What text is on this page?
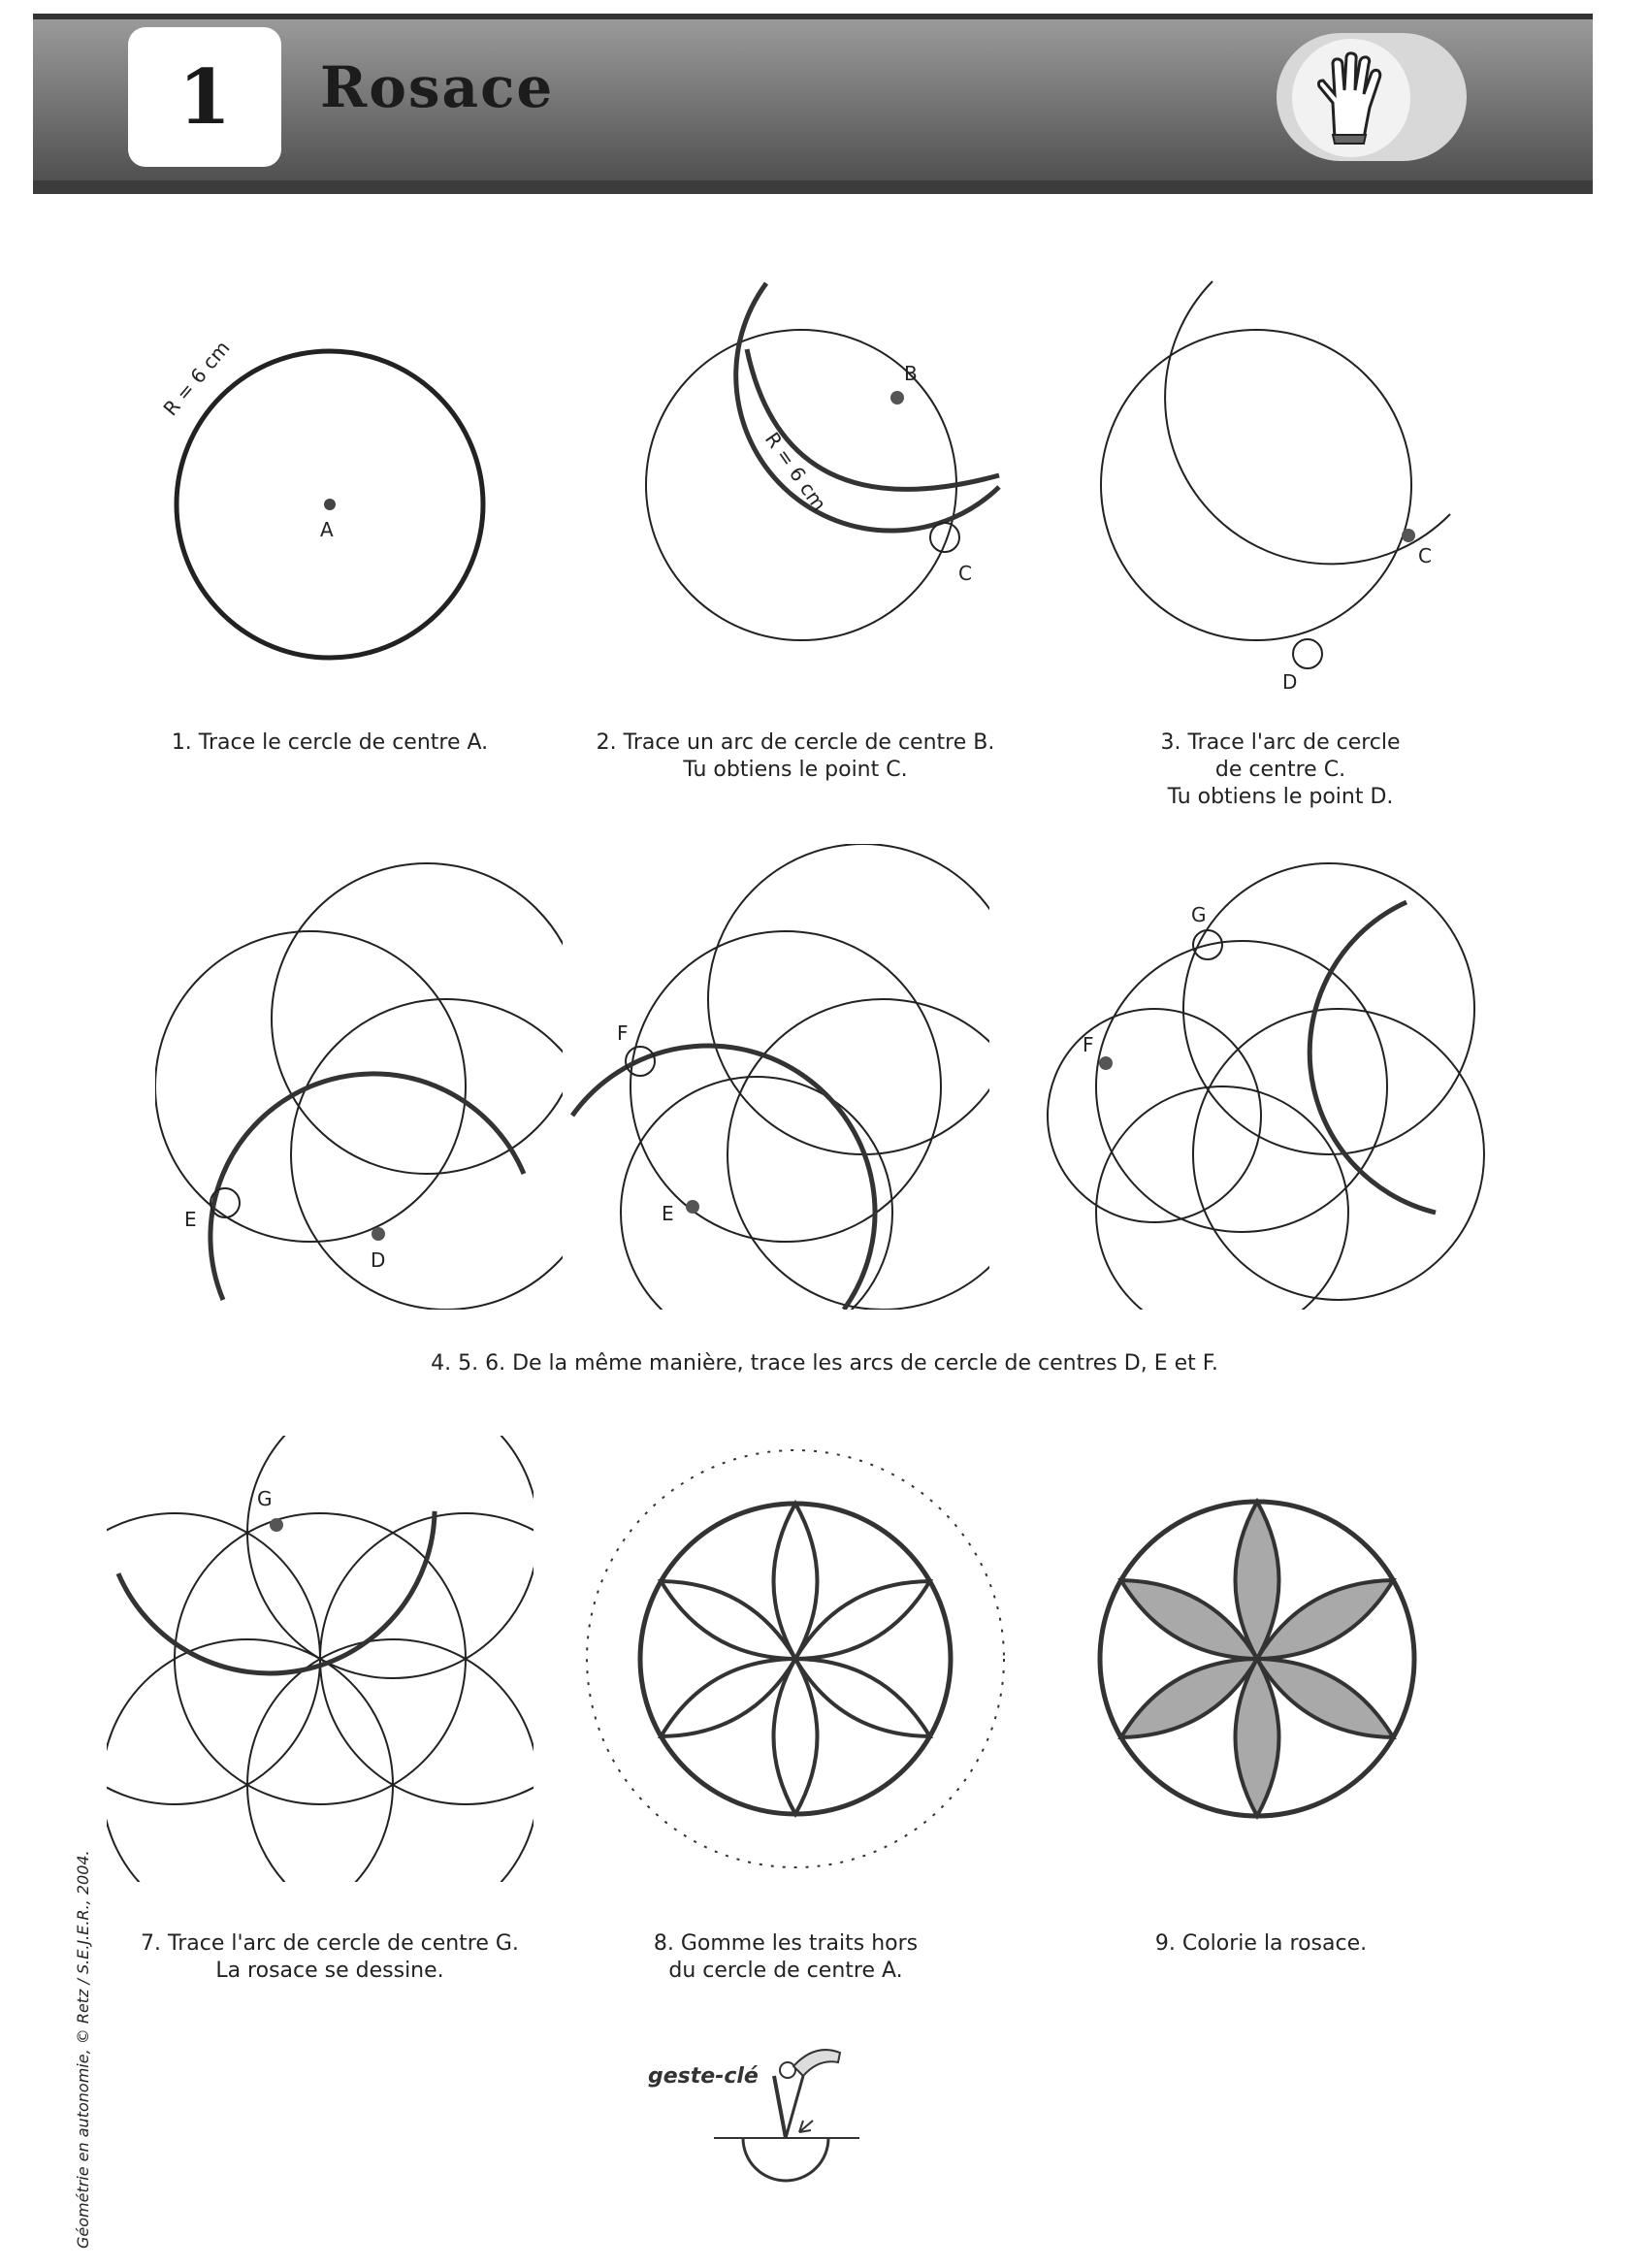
1	Rosace
A
R = 6 cm
1. Trace le cercle de centre A.
B
C
R = 6 cm
2. Trace un arc de cercle de centre B.
Tu obtiens le point C.
C
D
3. Trace l'arc de cercle
de centre C.
Tu obtiens le point D.
D
E	E
F	F
G
4. 5. 6. De la même manière, trace les arcs de cercle de centres D, E et F.
G
7. Trace l'arc de cercle de centre G.
La rosace se dessine.
8. Gomme les traits hors
du cercle de centre A.
9. Colorie la rosace.
geste-clé
Géométrie en autonomie, © Retz / S.E.J.E.R., 2004.
